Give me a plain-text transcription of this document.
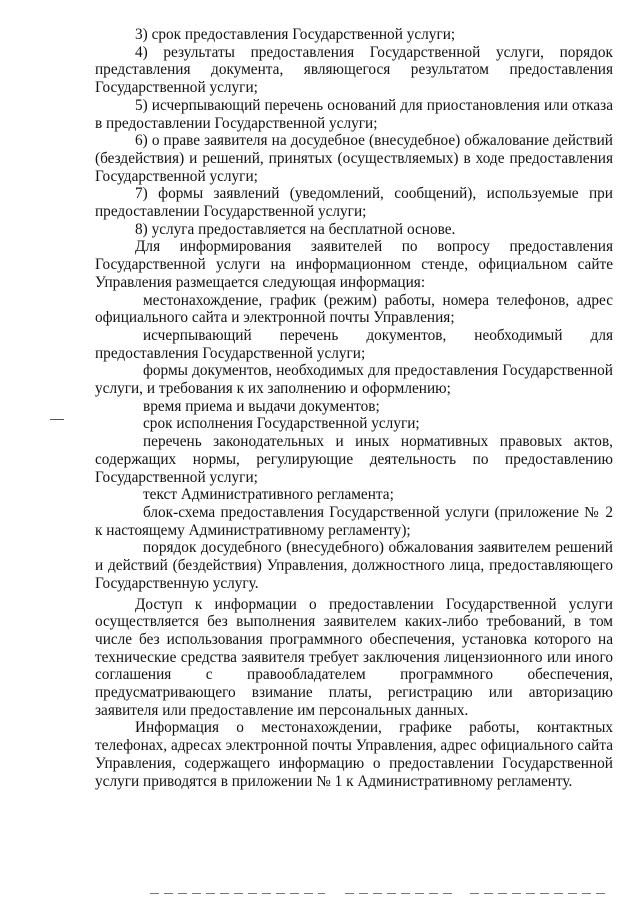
3) срок предоставления Государственной услуги;

4) результаты предоставления Государственной услуги, порядок представления документа, являющегося результатом предоставления Государственной услуги;

5) исчерпывающий перечень оснований для приостановления или отказа в предоставлении Государственной услуги;

6) о праве заявителя на досудебное (внесудебное) обжалование действий (бездействия) и решений, принятых (осуществляемых) в ходе предоставления Государственной услуги;

7) формы заявлений (уведомлений, сообщений), используемые при предоставлении Государственной услуги;

8) услуга предоставляется на бесплатной основе.

Для информирования заявителей по вопросу предоставления Государственной услуги на информационном стенде, официальном сайте Управления размещается следующая информация:

местонахождение, график (режим) работы, номера телефонов, адрес официального сайта и электронной почты Управления;

исчерпывающий перечень документов, необходимый для предоставления Государственной услуги;

формы документов, необходимых для предоставления Государственной услуги, и требования к их заполнению и оформлению;

время приема и выдачи документов;

срок исполнения Государственной услуги;

перечень законодательных и иных нормативных правовых актов, содержащих нормы, регулирующие деятельность по предоставлению Государственной услуги;

текст Административного регламента;

блок-схема предоставления Государственной услуги (приложение № 2 к настоящему Административному регламенту);

порядок досудебного (внесудебного) обжалования заявителем решений и действий (бездействия) Управления, должностного лица, предоставляющего Государственную услугу.

Доступ к информации о предоставлении Государственной услуги осуществляется без выполнения заявителем каких-либо требований, в том числе без использования программного обеспечения, установка которого на технические средства заявителя требует заключения лицензионного или иного соглашения с правообладателем программного обеспечения, предусматривающего взимание платы, регистрацию или авторизацию заявителя или предоставление им персональных данных.

Информация о местонахождении, графике работы, контактных телефонах, адресах электронной почты Управления, адрес официального сайта Управления, содержащего информацию о предоставлении Государственной услуги приводятся в приложении № 1 к Административному регламенту.
